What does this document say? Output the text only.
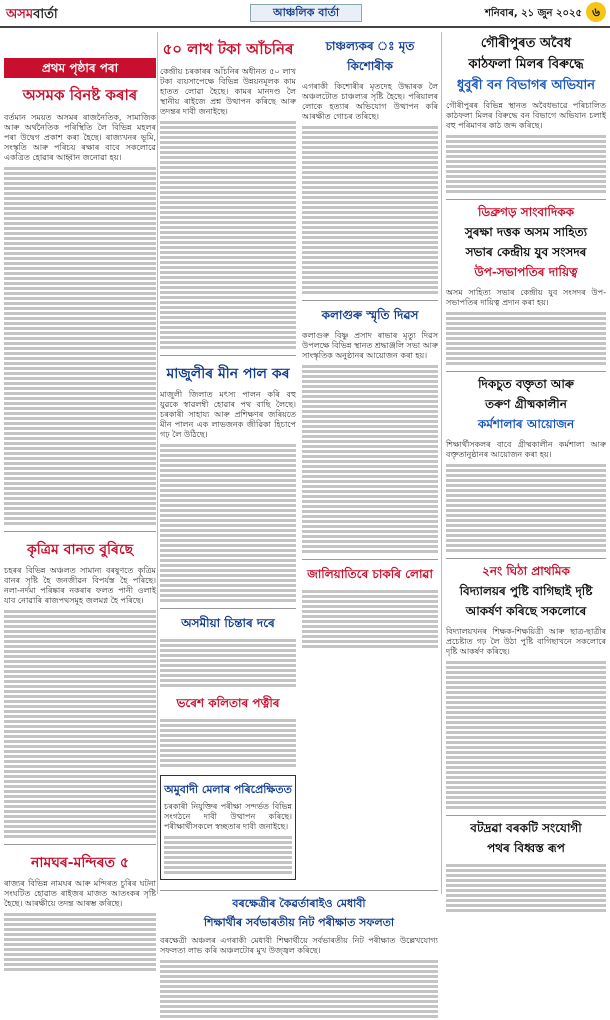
অসমবাৰ্তা	আঞ্চলিক বাৰ্তা	শনিবাৰ, ২১ জুন ২০২৫ ৬
প্ৰথম পৃষ্ঠাৰ পৰা
অসমক বিনষ্ট কৰাৰ

বৰ্তমান সময়ত অসমৰ ৰাজনৈতিক, সামাজিক আৰু অৰ্থনৈতিক পৰিস্থিতি লৈ বিভিন্ন মহলৰ পৰা উদ্বেগ প্ৰকাশ কৰা হৈছে। ৰাজ্যখনৰ ভূমি, সংস্কৃতি আৰু পৰিচয় ৰক্ষাৰ বাবে সকলোৱে একত্ৰিত হোৱাৰ আহ্বান জনোৱা হয়।

কৃত্ৰিম বানত বুৰিছে

চহৰৰ বিভিন্ন অঞ্চলত সামান্য বৰষুণতে কৃত্ৰিম বানৰ সৃষ্টি হৈ জনজীৱন বিপৰ্যস্ত হৈ পৰিছে। নলা-নৰ্দমা পৰিষ্কাৰ নকৰাৰ ফলত পানী ওলাই যাব নোৱাৰি ৰাজপথসমূহ জলমগ্ন হৈ পৰিছে।

নামঘৰ-মন্দিৰত ৫

ৰাজ্যৰ বিভিন্ন নামঘৰ আৰু মন্দিৰত চুৰিৰ ঘটনা সংঘটিত হোৱাত ৰাইজৰ মাজত আতংকৰ সৃষ্টি হৈছে। আৰক্ষীয়ে তদন্ত আৰম্ভ কৰিছে।

৫০ লাখ টকা আঁচনিৰ

কেন্দ্ৰীয় চৰকাৰৰ আঁচনিৰ অধীনত ৫০ লাখ টকা ব্যয়সাপেক্ষে বিভিন্ন উন্নয়নমূলক কাম হাতত লোৱা হৈছে। কামৰ মানদণ্ড লৈ স্থানীয় ৰাইজে প্ৰশ্ন উত্থাপন কৰিছে আৰু তদন্তৰ দাবী জনাইছে।

মাজুলীৰ মীন পাল কৰ

মাজুলী জিলাত মৎস্য পালন কৰি বহু যুৱকে স্বাৱলম্বী হোৱাৰ পথ বাছি লৈছে। চৰকাৰী সাহায্য আৰু প্ৰশিক্ষণৰ জৰিয়তে মীন পালন এক লাভজনক জীৱিকা হিচাপে গঢ় লৈ উঠিছে।

অসমীয়া চিন্তাৰ দৰে
ভৰেশ কলিতাৰ পত্নীৰ
অমুবাদী মেলাৰ পৰিপ্ৰেক্ষিতত

চৰকাৰী নিযুক্তিৰ পৰীক্ষা সন্দৰ্ভত বিভিন্ন সংগঠনে দাবী উত্থাপন কৰিছে। পৰীক্ষাৰ্থীসকলে স্বচ্ছতাৰ দাবী জনাইছে।

চাঞ্চল্যকৰ ঃ মৃত কিশোৰীক

এগৰাকী কিশোৰীৰ মৃতদেহ উদ্ধাৰক লৈ অঞ্চলটোত চাঞ্চল্যৰ সৃষ্টি হৈছে। পৰিয়ালৰ লোকে হত্যাৰ অভিযোগ উত্থাপন কৰি আৰক্ষীত গোচৰ তৰিছে।

কলাগুৰু স্মৃতি দিৱস

কলাগুৰু বিষ্ণু প্ৰসাদ ৰাভাৰ মৃত্যু দিৱস উপলক্ষে বিভিন্ন স্থানত শ্ৰদ্ধাঞ্জলি সভা আৰু সাংস্কৃতিক অনুষ্ঠানৰ আয়োজন কৰা হয়।

জালিয়াতিৰে চাকৰি লোৱা
বৰক্ষেত্ৰীৰ কৈৱৰ্তাৰাইও মেধাবী
শিক্ষাৰ্থীৰ সৰ্বভাৰতীয় নিট পৰীক্ষাত সফলতা

বৰক্ষেত্ৰী অঞ্চলৰ এগৰাকী মেধাবী শিক্ষাৰ্থীয়ে সৰ্বভাৰতীয় নিট পৰীক্ষাত উল্লেখযোগ্য সফলতা লাভ কৰি অঞ্চলটোৰ মুখ উজ্জ্বল কৰিছে।

গৌৰীপুৰত অবৈধ
কাঠফলা মিলৰ বিৰুদ্ধে
ধুবুৰী বন বিভাগৰ অভিযান

গৌৰীপুৰৰ বিভিন্ন স্থানত অবৈধভাৱে পৰিচালিত কাঠফলা মিলৰ বিৰুদ্ধে বন বিভাগে অভিযান চলাই বহু পৰিমাণৰ কাঠ জব্দ কৰিছে।

ডিব্ৰুগড় সাংবাদিকক
সুৰক্ষা দত্তক অসম সাহিত্য
সভাৰ কেন্দ্ৰীয় যুব সংসদৰ
উপ-সভাপতিৰ দায়িত্ব

অসম সাহিত্য সভাৰ কেন্দ্ৰীয় যুব সংসদৰ উপ-সভাপতিৰ দায়িত্ব প্ৰদান কৰা হয়।

দিকচুত বক্তৃতা আৰু
তৰুণ গ্ৰীষ্মকালীন
কৰ্মশালাৰ আয়োজন

শিক্ষাৰ্থীসকলৰ বাবে গ্ৰীষ্মকালীন কৰ্মশালা আৰু বক্তৃতানুষ্ঠানৰ আয়োজন কৰা হয়।

২নং ঘিঠা প্ৰাথমিক
বিদ্যালয়ৰ পুষ্টি বাগিছাই দৃষ্টি
আকৰ্ষণ কৰিছে সকলোৰে

বিদ্যালয়খনৰ শিক্ষক-শিক্ষয়িত্ৰী আৰু ছাত্ৰ-ছাত্ৰীৰ প্ৰচেষ্টাত গঢ় লৈ উঠা পুষ্টি বাগিছাখনে সকলোৰে দৃষ্টি আকৰ্ষণ কৰিছে।

বটদ্ৰৱা বৰকটি সংযোগী
পথৰ বিধ্বস্ত ৰূপ
